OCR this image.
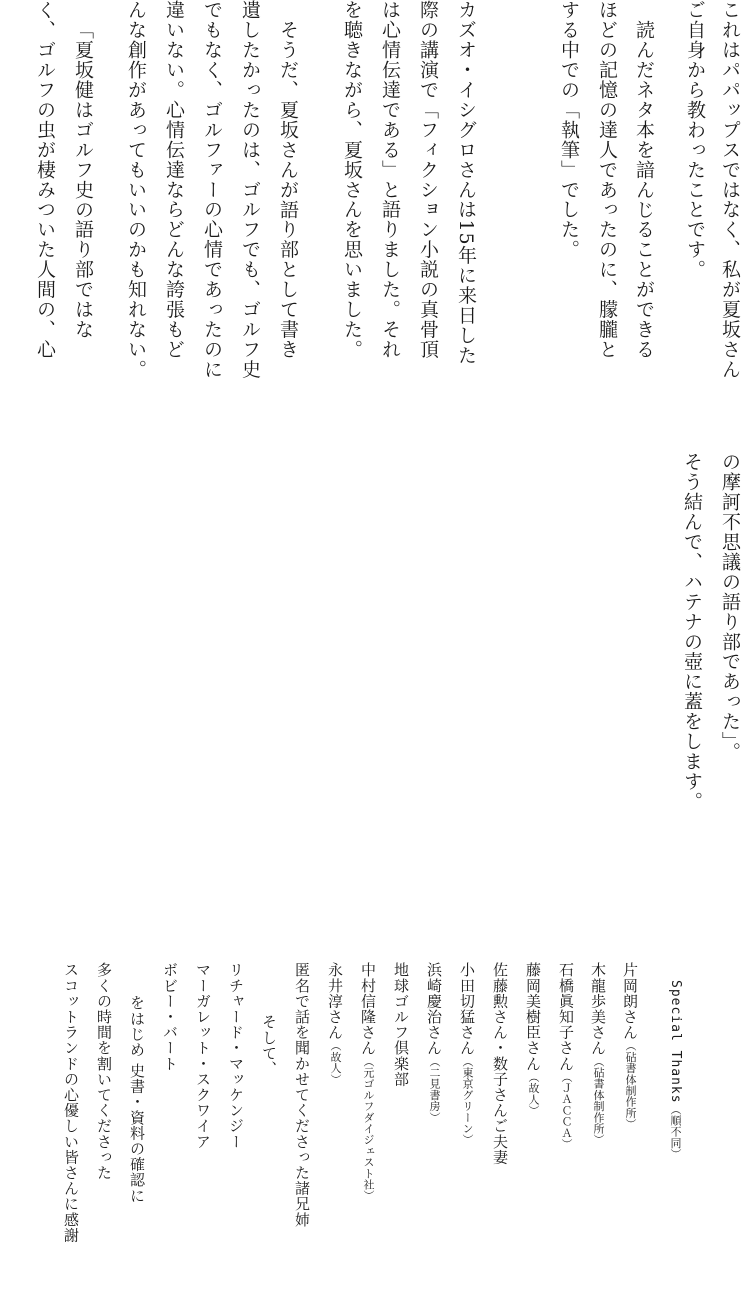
これはパパップスではなく、私が夏坂さん
ご自身から教わったことです。
読んだネタ本を諳んじることができる
ほどの記憶の達人であったのに、朦朧と
する中での「執筆」でした。
カズオ・イシグロさんは15年に来日した
際の講演で「フィクション小説の真骨頂
は心情伝達である」と語りました。それ
を聴きながら、夏坂さんを思いました。
そうだ、夏坂さんが語り部として書き
遺したかったのは、ゴルフでも、ゴルフ史
でもなく、ゴルファーの心情であったのに
違いない。心情伝達ならどんな誇張もど
んな創作があってもいいのかも知れない。
「夏坂健はゴルフ史の語り部ではな
く、ゴルフの虫が棲みついた人間の、心
の摩訶不思議の語り部であった」。
そう結んで、ハテナの壺に蓋をします。
Special Thanks（順不同）
片岡朗さん（砧書体制作所）
木龍歩美さん（砧書体制作所）
石橋眞知子さん（ＪＡＣＣＡ）
藤岡美樹臣さん（故人）
佐藤勲さん・数子さんご夫妻
小田切猛さん（東京グリーン）
浜崎慶治さん（二見書房）
地球ゴルフ倶楽部
中村信隆さん（元ゴルフダイジェスト社）
永井淳さん（故人）
匿名で話を聞かせてくださった諸兄姉
そして、
リチャード・マッケンジー
マーガレット・スクワイア
ボビー・バート
をはじめ 史書・資料の確認に
多くの時間を割いてくださった
スコットランドの心優しい皆さんに感謝
